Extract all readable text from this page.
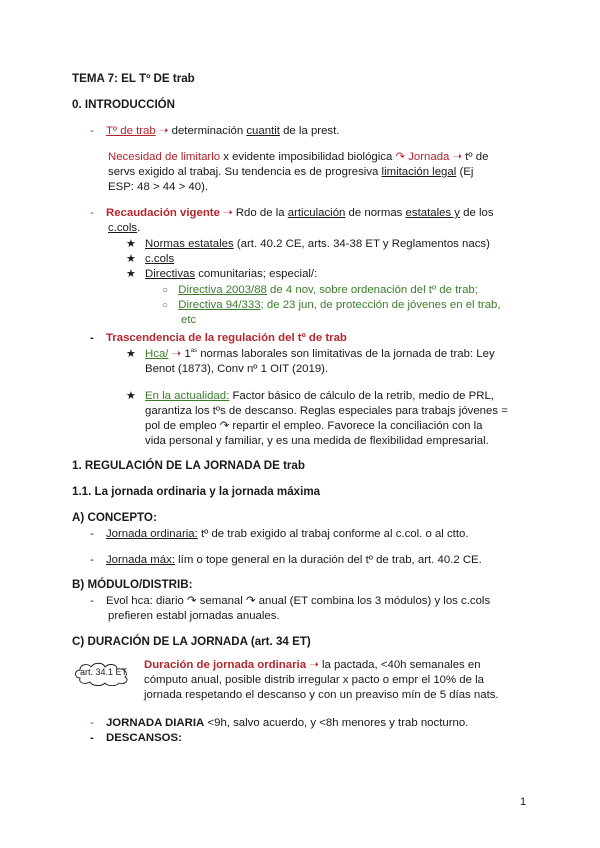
TEMA 7: EL Tº DE trab
0. INTRODUCCIÓN
- Tº de trab ➝ determinación cuantit de la prest.
Necesidad de limitarlo x evidente imposibilidad biológica ↷ Jornada ➝ tº de
servs exigido al trabaj. Su tendencia es de progresiva limitación legal (Ej
ESP: 48 > 44 > 40).
- Recaudación vigente ➝ Rdo de la articulación de normas estatales y de los
c.cols.
★ Normas estatales (art. 40.2 CE, arts. 34-38 ET y Reglamentos nacs)
★ c.cols
★ Directivas comunitarias; especial/:
○ Directiva 2003/88 de 4 nov, sobre ordenación del tº de trab;
○ Directiva 94/333; de 23 jun, de protección de jóvenes en el trab,
etc
- Trascendencia de la regulación del tº de trab
★ Hca/ ➝ $1^{as}$ normas laborales son limitativas de la jornada de trab: Ley
Benot (1873), Conv nº 1 OIT (2019).
★ En la actualidad: Factor básico de cálculo de la retrib, medio de PRL,
garantiza los tºs de descanso. Reglas especiales para trabajs jóvenes =
pol de empleo ↷ repartir el empleo. Favorece la conciliación con la
vida personal y familiar, y es una medida de flexibilidad empresarial.
1. REGULACIÓN DE LA JORNADA DE trab
1.1. La jornada ordinaria y la jornada máxima
A) CONCEPTO:
- Jornada ordinaria: tº de trab exigido al trabaj conforme al c.col. o al ctto.
- Jornada máx: lím o tope general en la duración del tº de trab, art. 40.2 CE.
B) MÓDULO/DISTRIB:
- Evol hca: diario ↷ semanal ↷ anual (ET combina los 3 módulos) y los c.cols
prefieren establ jornadas anuales.
C) DURACIÓN DE LA JORNADA (art. 34 ET)
art. 34.1 ET
Duración de jornada ordinaria ➝ la pactada, <40h semanales en
cómputo anual, posible distrib irregular x pacto o empr el 10% de la
jornada respetando el descanso y con un preaviso mín de 5 días nats.
- JORNADA DIARIA <9h, salvo acuerdo, y <8h menores y trab nocturno.
- DESCANSOS:
1
